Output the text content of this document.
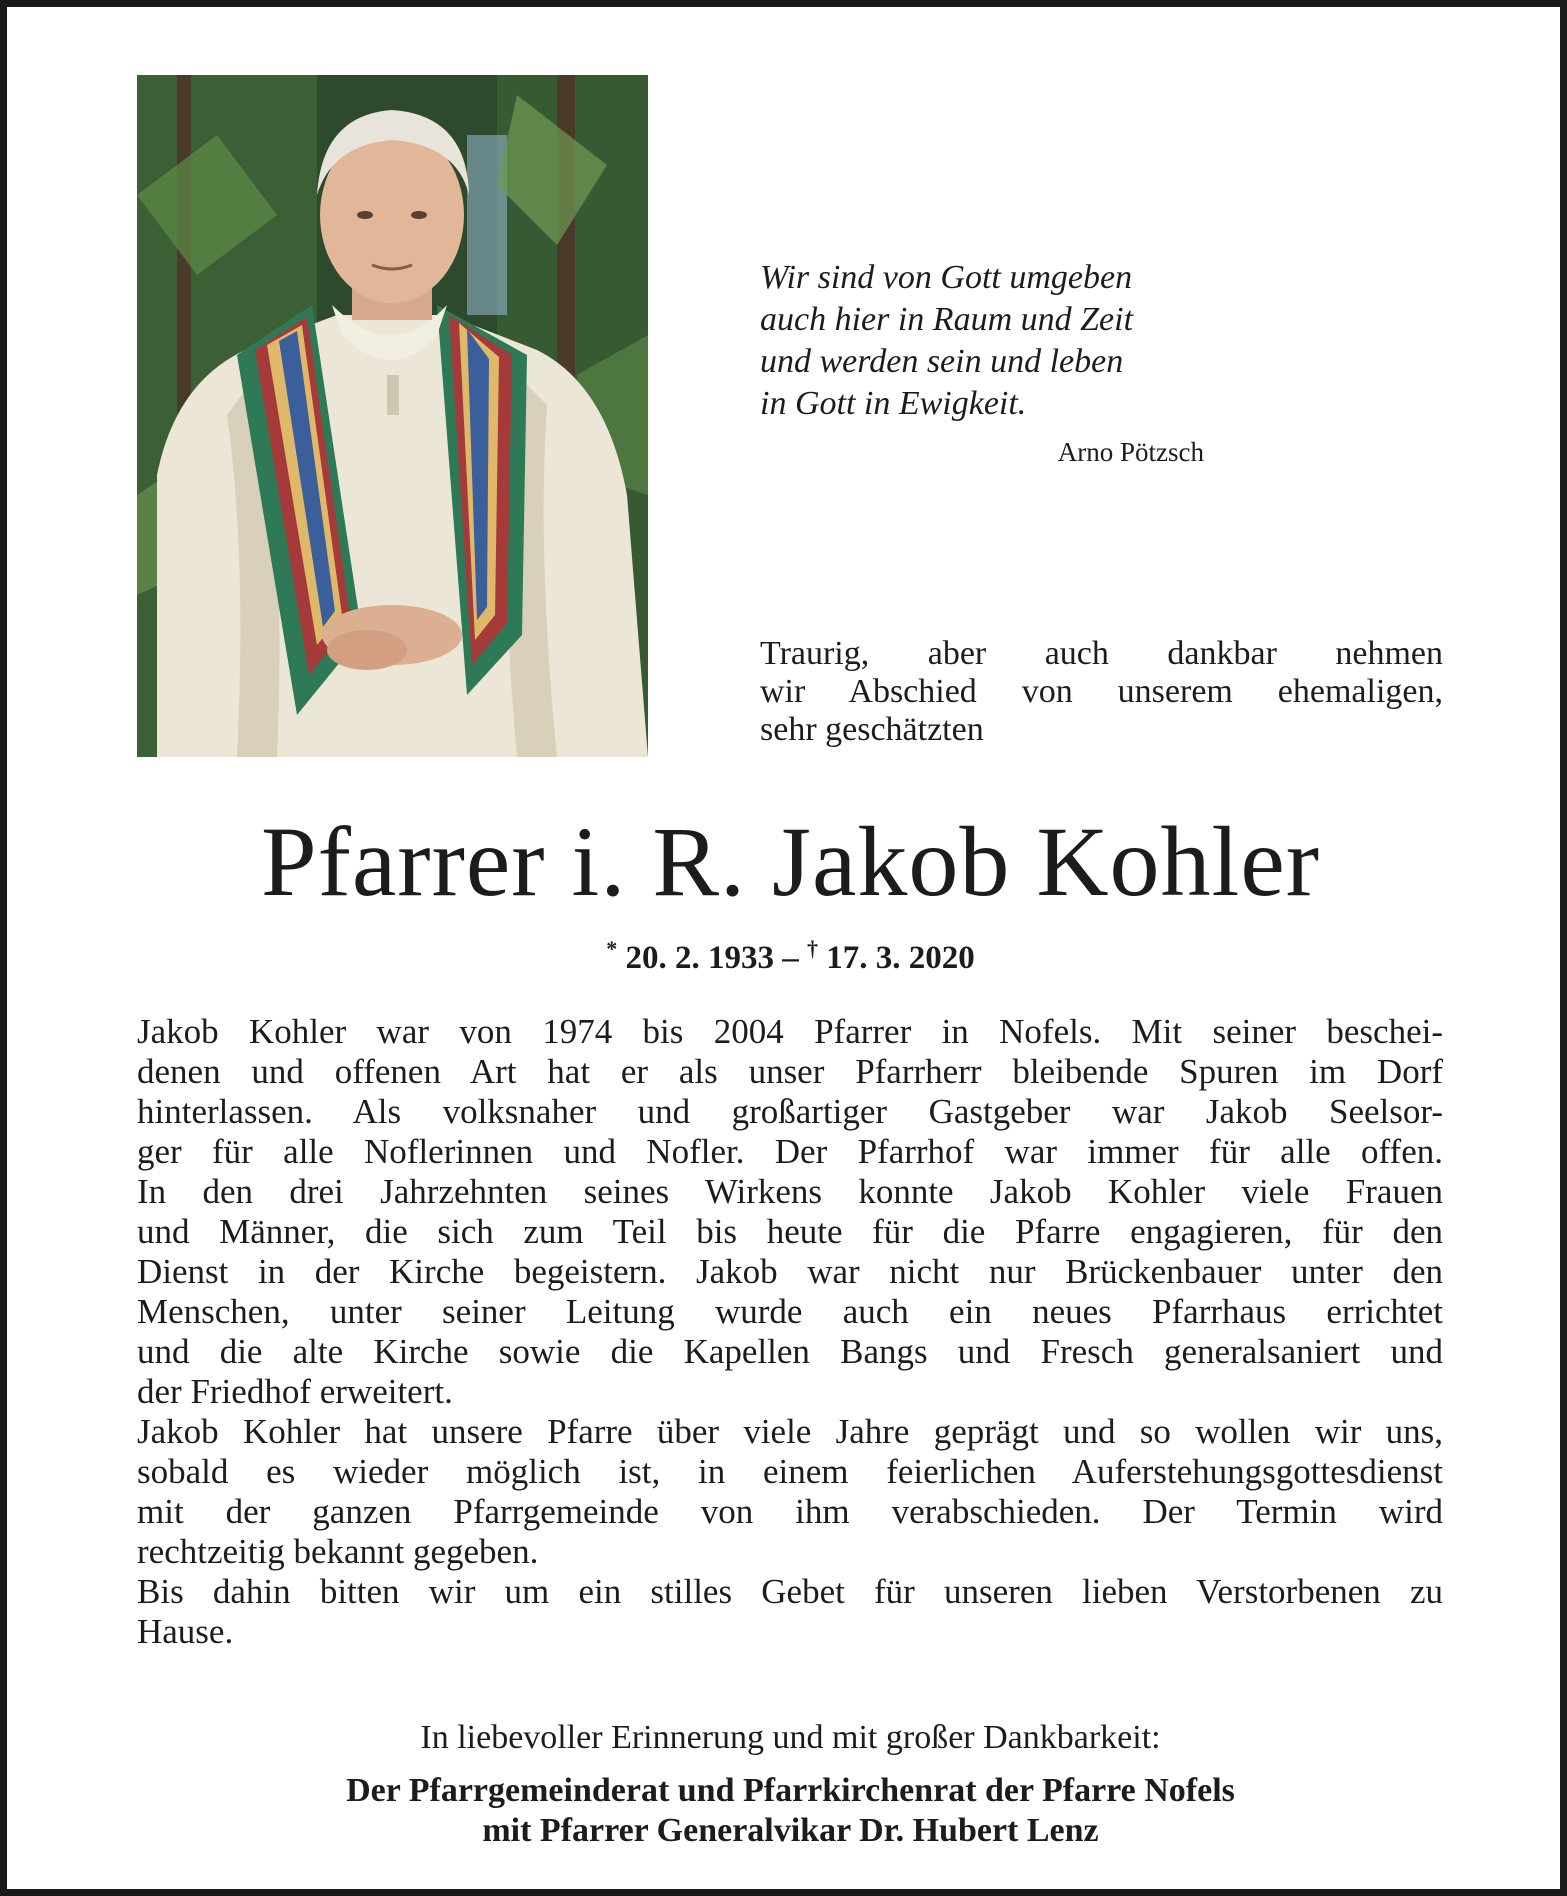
Wir sind von Gott umgeben
auch hier in Raum und Zeit
und werden sein und leben
in Gott in Ewigkeit.
Arno Pötzsch
Traurig, aber auch dankbar nehmen
wir Abschied von unserem ehemaligen,
sehr geschätzten
Pfarrer i. R. Jakob Kohler
* 20. 2. 1933 – † 17. 3. 2020
Jakob Kohler war von 1974 bis 2004 Pfarrer in Nofels. Mit seiner beschei-
denen und offenen Art hat er als unser Pfarrherr bleibende Spuren im Dorf
hinterlassen. Als volksnaher und großartiger Gastgeber war Jakob Seelsor-
ger für alle Noflerinnen und Nofler. Der Pfarrhof war immer für alle offen.
In den drei Jahrzehnten seines Wirkens konnte Jakob Kohler viele Frauen
und Männer, die sich zum Teil bis heute für die Pfarre engagieren, für den
Dienst in der Kirche begeistern. Jakob war nicht nur Brückenbauer unter den
Menschen, unter seiner Leitung wurde auch ein neues Pfarrhaus errichtet
und die alte Kirche sowie die Kapellen Bangs und Fresch generalsaniert und
der Friedhof erweitert.
Jakob Kohler hat unsere Pfarre über viele Jahre geprägt und so wollen wir uns,
sobald es wieder möglich ist, in einem feierlichen Auferstehungsgottesdienst
mit der ganzen Pfarrgemeinde von ihm verabschieden. Der Termin wird
rechtzeitig bekannt gegeben.
Bis dahin bitten wir um ein stilles Gebet für unseren lieben Verstorbenen zu
Hause.
In liebevoller Erinnerung und mit großer Dankbarkeit:
Der Pfarrgemeinderat und Pfarrkirchenrat der Pfarre Nofels
mit Pfarrer Generalvikar Dr. Hubert Lenz
